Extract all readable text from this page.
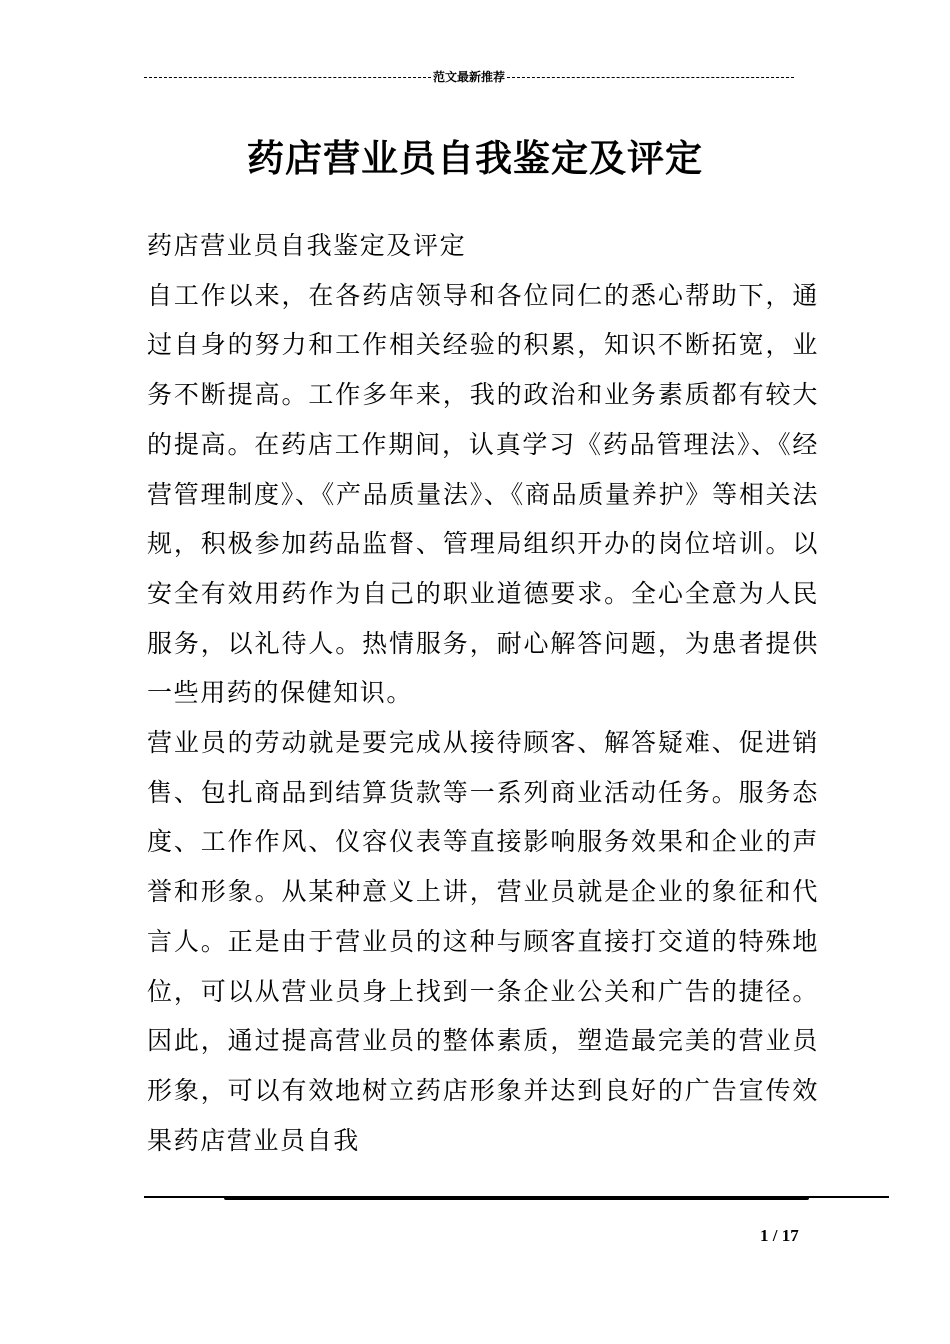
范文最新推荐
药店营业员自我鉴定及评定

药店营业员自我鉴定及评定

自工作以来，在各药店领导和各位同仁的悉心帮助下，通过自身的努力和工作相关经验的积累，知识不断拓宽，业务不断提高。工作多年来，我的政治和业务素质都有较大的提高。在药店工作期间，认真学习《药品管理法》、《经营管理制度》、《产品质量法》、《商品质量养护》等相关法规，积极参加药品监督、管理局组织开办的岗位培训。以安全有效用药作为自己的职业道德要求。全心全意为人民服务，以礼待人。热情服务，耐心解答问题，为患者提供一些用药的保健知识。

营业员的劳动就是要完成从接待顾客、解答疑难、促进销售、包扎商品到结算货款等一系列商业活动任务。服务态度、工作作风、仪容仪表等直接影响服务效果和企业的声誉和形象。从某种意义上讲，营业员就是企业的象征和代言人。正是由于营业员的这种与顾客直接打交道的特殊地位，可以从营业员身上找到一条企业公关和广告的捷径。因此，通过提高营业员的整体素质，塑造最完美的营业员形象，可以有效地树立药店形象并达到良好的广告宣传效果药店营业员自我

1 / 17
